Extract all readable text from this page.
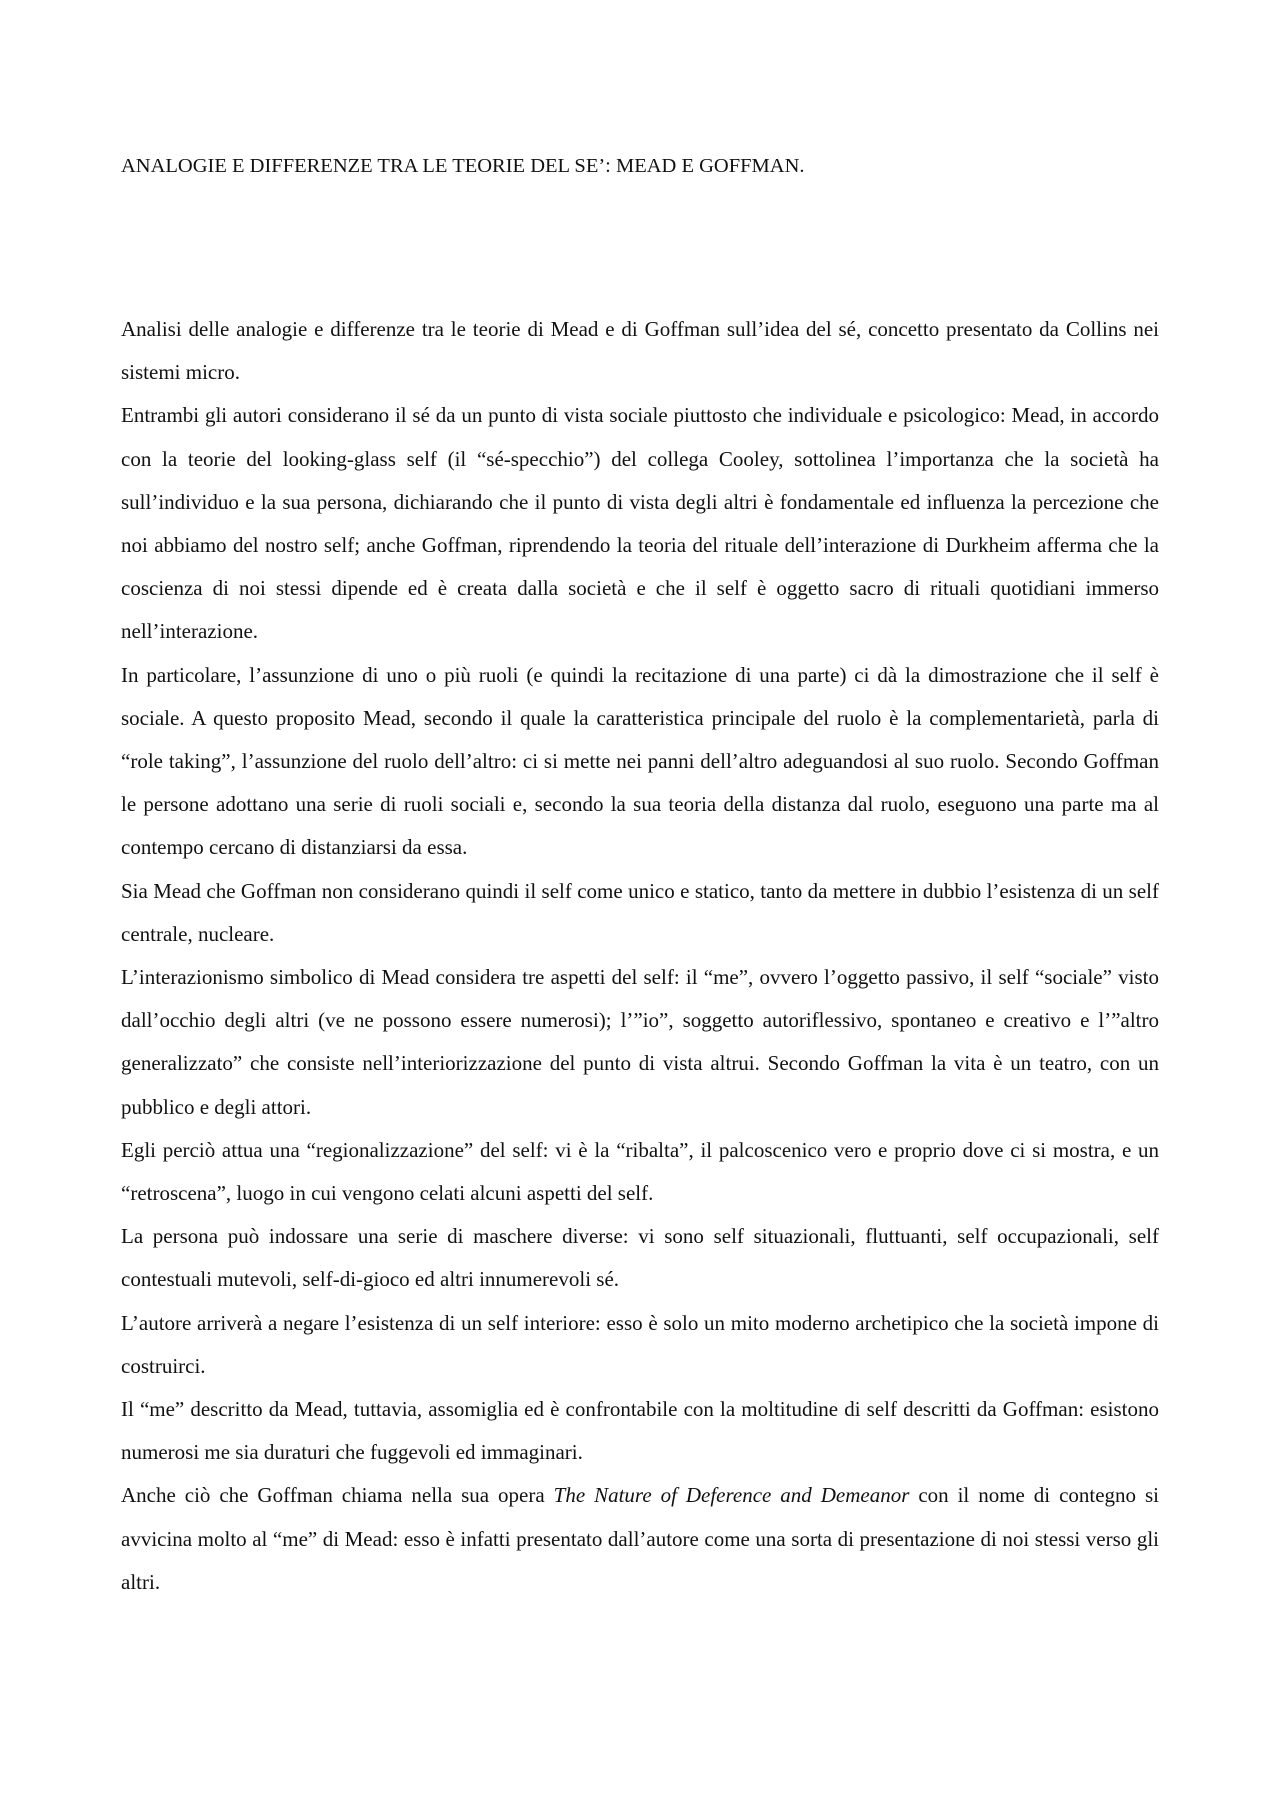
ANALOGIE E DIFFERENZE TRA LE TEORIE DEL SE’: MEAD E GOFFMAN.

Analisi delle analogie e differenze tra le teorie di Mead e di Goffman sull’idea del sé, concetto presentato da Collins nei sistemi micro.

Entrambi gli autori considerano il sé da un punto di vista sociale piuttosto che individuale e psicologico: Mead, in accordo con la teorie del looking-glass self (il “sé-specchio”) del collega Cooley, sottolinea l’importanza che la società ha sull’individuo e la sua persona, dichiarando che il punto di vista degli altri è fondamentale ed influenza la percezione che noi abbiamo del nostro self; anche Goffman, riprendendo la teoria del rituale dell’interazione di Durkheim afferma che la coscienza di noi stessi dipende ed è creata dalla società e che il self è oggetto sacro di rituali quotidiani immerso nell’interazione.

In particolare, l’assunzione di uno o più ruoli (e quindi la recitazione di una parte) ci dà la dimostrazione che il self è sociale. A questo proposito Mead, secondo il quale la caratteristica principale del ruolo è la complementarietà, parla di “role taking”, l’assunzione del ruolo dell’altro: ci si mette nei panni dell’altro adeguandosi al suo ruolo. Secondo Goffman le persone adottano una serie di ruoli sociali e, secondo la sua teoria della distanza dal ruolo, eseguono una parte ma al contempo cercano di distanziarsi da essa.

Sia Mead che Goffman non considerano quindi il self come unico e statico, tanto da mettere in dubbio l’esistenza di un self centrale, nucleare.

L’interazionismo simbolico di Mead considera tre aspetti del self: il “me”, ovvero l’oggetto passivo, il self “sociale” visto dall’occhio degli altri (ve ne possono essere numerosi); l’”io”, soggetto autoriflessivo, spontaneo e creativo e l’”altro generalizzato” che consiste nell’interiorizzazione del punto di vista altrui. Secondo Goffman la vita è un teatro, con un pubblico e degli attori.

Egli perciò attua una “regionalizzazione” del self: vi è la “ribalta”, il palcoscenico vero e proprio dove ci si mostra, e un “retroscena”, luogo in cui vengono celati alcuni aspetti del self.

La persona può indossare una serie di maschere diverse: vi sono self situazionali, fluttuanti, self occupazionali, self contestuali mutevoli, self-di-gioco ed altri innumerevoli sé.

L’autore arriverà a negare l’esistenza di un self interiore: esso è solo un mito moderno archetipico che la società impone di costruirci.

Il “me” descritto da Mead, tuttavia, assomiglia ed è confrontabile con la moltitudine di self descritti da Goffman: esistono numerosi me sia duraturi che fuggevoli ed immaginari.

Anche ciò che Goffman chiama nella sua opera The Nature of Deference and Demeanor con il nome di contegno si avvicina molto al “me” di Mead: esso è infatti presentato dall’autore come una sorta di presentazione di noi stessi verso gli altri.
